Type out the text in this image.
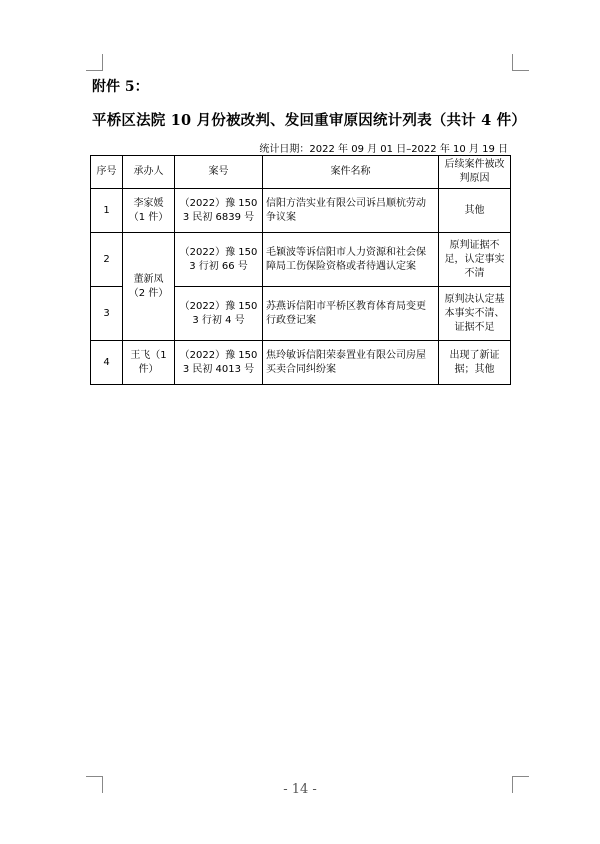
附件 5：
平桥区法院 10 月份被改判、发回重审原因统计列表（共计 4 件）
统计日期：2022 年 09 月 01 日–2022 年 10 月 19 日
序号	承办人	案号	案件名称	后续案件被改判原因
1	李家媛（1 件）	（2022）豫 1503 民初 6839 号	信阳方浩实业有限公司诉吕顺杭劳动争议案	其他
2	董新凤（2 件）	（2022）豫 1503 行初 66 号	毛颖波等诉信阳市人力资源和社会保障局工伤保险资格或者待遇认定案	原判证据不足，认定事实不清
3		（2022）豫 1503 行初 4 号	苏燕诉信阳市平桥区教育体育局变更行政登记案	原判决认定基本事实不清、证据不足
4	王飞（1 件）	（2022）豫 1503 民初 4013 号	焦玲敏诉信阳荣泰置业有限公司房屋买卖合同纠纷案	出现了新证据；其他
- 14 -
